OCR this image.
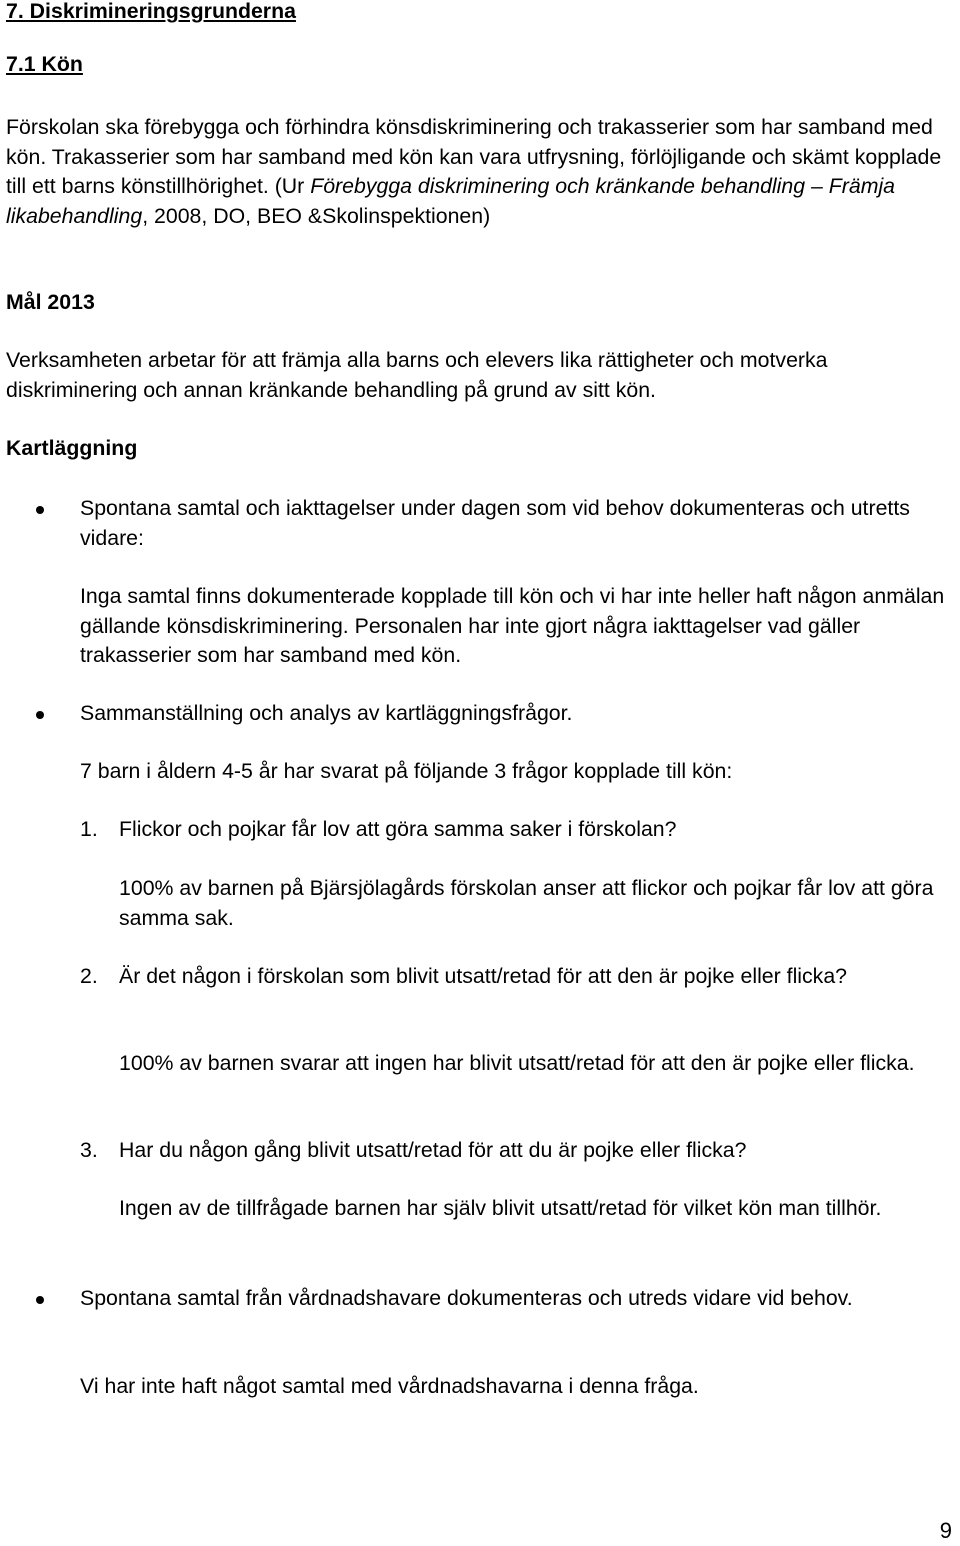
7. Diskrimineringsgrunderna

7.1 Kön

Förskolan ska förebygga och förhindra könsdiskriminering och trakasserier som har samband med kön. Trakasserier som har samband med kön kan vara utfrysning, förlöjligande och skämt kopplade till ett barns könstillhörighet. (Ur Förebygga diskriminering och kränkande behandling – Främja likabehandling, 2008, DO, BEO &Skolinspektionen)

Mål 2013

Verksamheten arbetar för att främja alla barns och elevers lika rättigheter och motverka diskriminering och annan kränkande behandling på grund av sitt kön.

Kartläggning

Spontana samtal och iakttagelser under dagen som vid behov dokumenteras och utretts vidare:

Inga samtal finns dokumenterade kopplade till kön och vi har inte heller haft någon anmälan gällande könsdiskriminering. Personalen har inte gjort några iakttagelser vad gäller trakasserier som har samband med kön.

Sammanställning och analys av kartläggningsfrågor.

7 barn i åldern 4-5 år har svarat på följande 3 frågor kopplade till kön:

1. Flickor och pojkar får lov att göra samma saker i förskolan?

100% av barnen på Bjärsjölagårds förskolan anser att flickor och pojkar får lov att göra samma sak.

2. Är det någon i förskolan som blivit utsatt/retad för att den är pojke eller flicka?

100% av barnen svarar att ingen har blivit utsatt/retad för att den är pojke eller flicka.

3. Har du någon gång blivit utsatt/retad för att du är pojke eller flicka?

Ingen av de tillfrågade barnen har själv blivit utsatt/retad för vilket kön man tillhör.

Spontana samtal från vårdnadshavare dokumenteras och utreds vidare vid behov.

Vi har inte haft något samtal med vårdnadshavarna i denna fråga.

9
